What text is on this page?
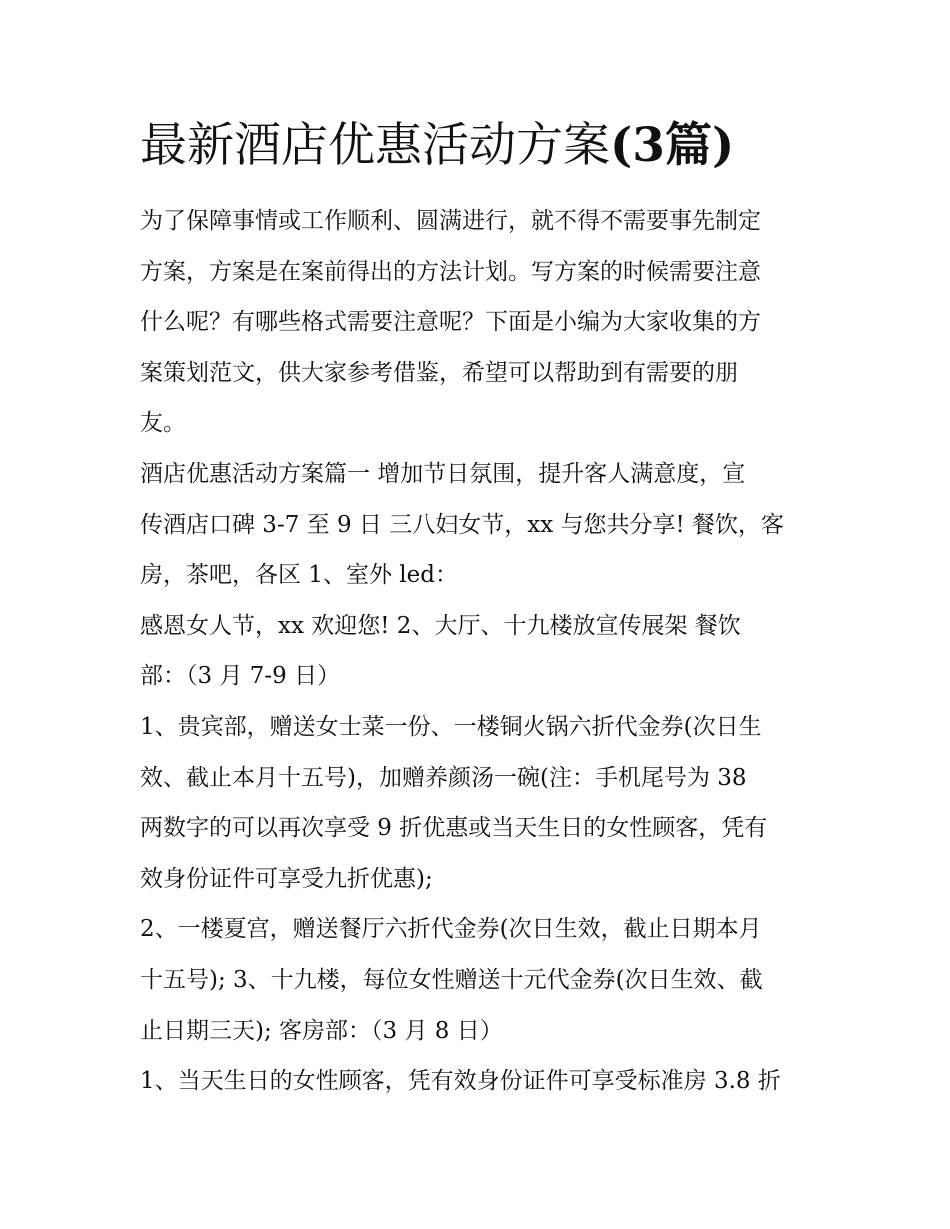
最新酒店优惠活动方案(3篇)
为了保障事情或工作顺利、圆满进行，就不得不需要事先制定
方案，方案是在案前得出的方法计划。写方案的时候需要注意
什么呢？有哪些格式需要注意呢？下面是小编为大家收集的方
案策划范文，供大家参考借鉴，希望可以帮助到有需要的朋
友。
酒店优惠活动方案篇一 增加节日氛围，提升客人满意度，宣
传酒店口碑 3-7 至 9 日 三八妇女节，xx 与您共分享! 餐饮，客
房，茶吧，各区 1、室外 led：
感恩女人节，xx 欢迎您! 2、大厅、十九楼放宣传展架 餐饮
部：（3 月 7-9 日）
1、贵宾部，赠送女士菜一份、一楼铜火锅六折代金券(次日生
效、截止本月十五号)，加赠养颜汤一碗(注：手机尾号为 38
两数字的可以再次享受 9 折优惠或当天生日的女性顾客，凭有
效身份证件可享受九折优惠);
2、一楼夏宫，赠送餐厅六折代金券(次日生效，截止日期本月
十五号); 3、十九楼，每位女性赠送十元代金券(次日生效、截
止日期三天); 客房部：（3 月 8 日）
1、当天生日的女性顾客，凭有效身份证件可享受标准房 3.8 折
